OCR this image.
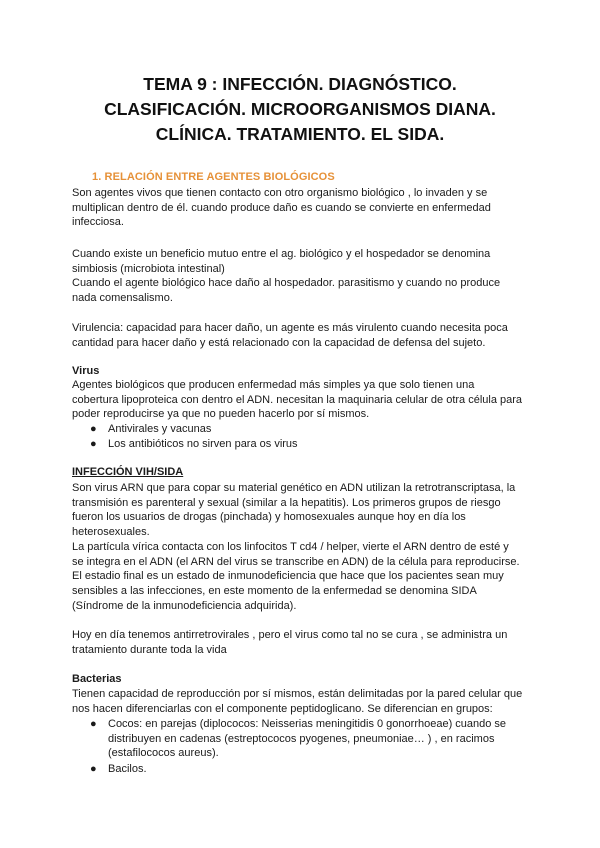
TEMA 9 : INFECCIÓN. DIAGNÓSTICO.
CLASIFICACIÓN. MICROORGANISMOS DIANA.
CLÍNICA. TRATAMIENTO. EL SIDA.
1. RELACIÓN ENTRE AGENTES BIOLÓGICOS

Son agentes vivos que tienen contacto con otro organismo biológico , lo invaden y se
multiplican dentro de él. cuando produce daño es cuando se convierte en enfermedad
infecciosa.

Cuando existe un beneficio mutuo entre el ag. biológico y el hospedador se denomina
simbiosis (microbiota intestinal)
Cuando el agente biológico hace daño al hospedador. parasitismo y cuando no produce
nada comensalismo.

Virulencia: capacidad para hacer daño, un agente es más virulento cuando necesita poca
cantidad para hacer daño y está relacionado con la capacidad de defensa del sujeto.

Virus

Agentes biológicos que producen enfermedad más simples ya que solo tienen una
cobertura lipoproteica con dentro el ADN. necesitan la maquinaria celular de otra célula para
poder reproducirse ya que no pueden hacerlo por sí mismos.

●	Antivirales y vacunas
●	Los antibióticos no sirven para os virus
INFECCIÓN VIH/SIDA

Son virus ARN que para copar su material genético en ADN utilizan la retrotranscriptasa, la
transmisión es parenteral y sexual (similar a la hepatitis). Los primeros grupos de riesgo
fueron los usuarios de drogas (pinchada) y homosexuales aunque hoy en día los
heterosexuales.
La partícula vírica contacta con los linfocitos T cd4 / helper, vierte el ARN dentro de esté y
se integra en el ADN (el ARN del virus se transcribe en ADN) de la célula para reproducirse.
El estadio final es un estado de inmunodeficiencia que hace que los pacientes sean muy
sensibles a las infecciones, en este momento de la enfermedad se denomina SIDA
(Síndrome de la inmunodeficiencia adquirida).

Hoy en día tenemos antirretrovirales , pero el virus como tal no se cura , se administra un
tratamiento durante toda la vida

Bacterias

Tienen capacidad de reproducción por sí mismos, están delimitadas por la pared celular que
nos hacen diferenciarlas con el componente peptidoglicano. Se diferencian en grupos:

●	Cocos: en parejas (diplococos: Neisserias meningitidis 0 gonorrhoeae) cuando se
distribuyen en cadenas (estreptococos pyogenes, pneumoniae… ) , en racimos
(estafilococos aureus).
●	Bacilos.
